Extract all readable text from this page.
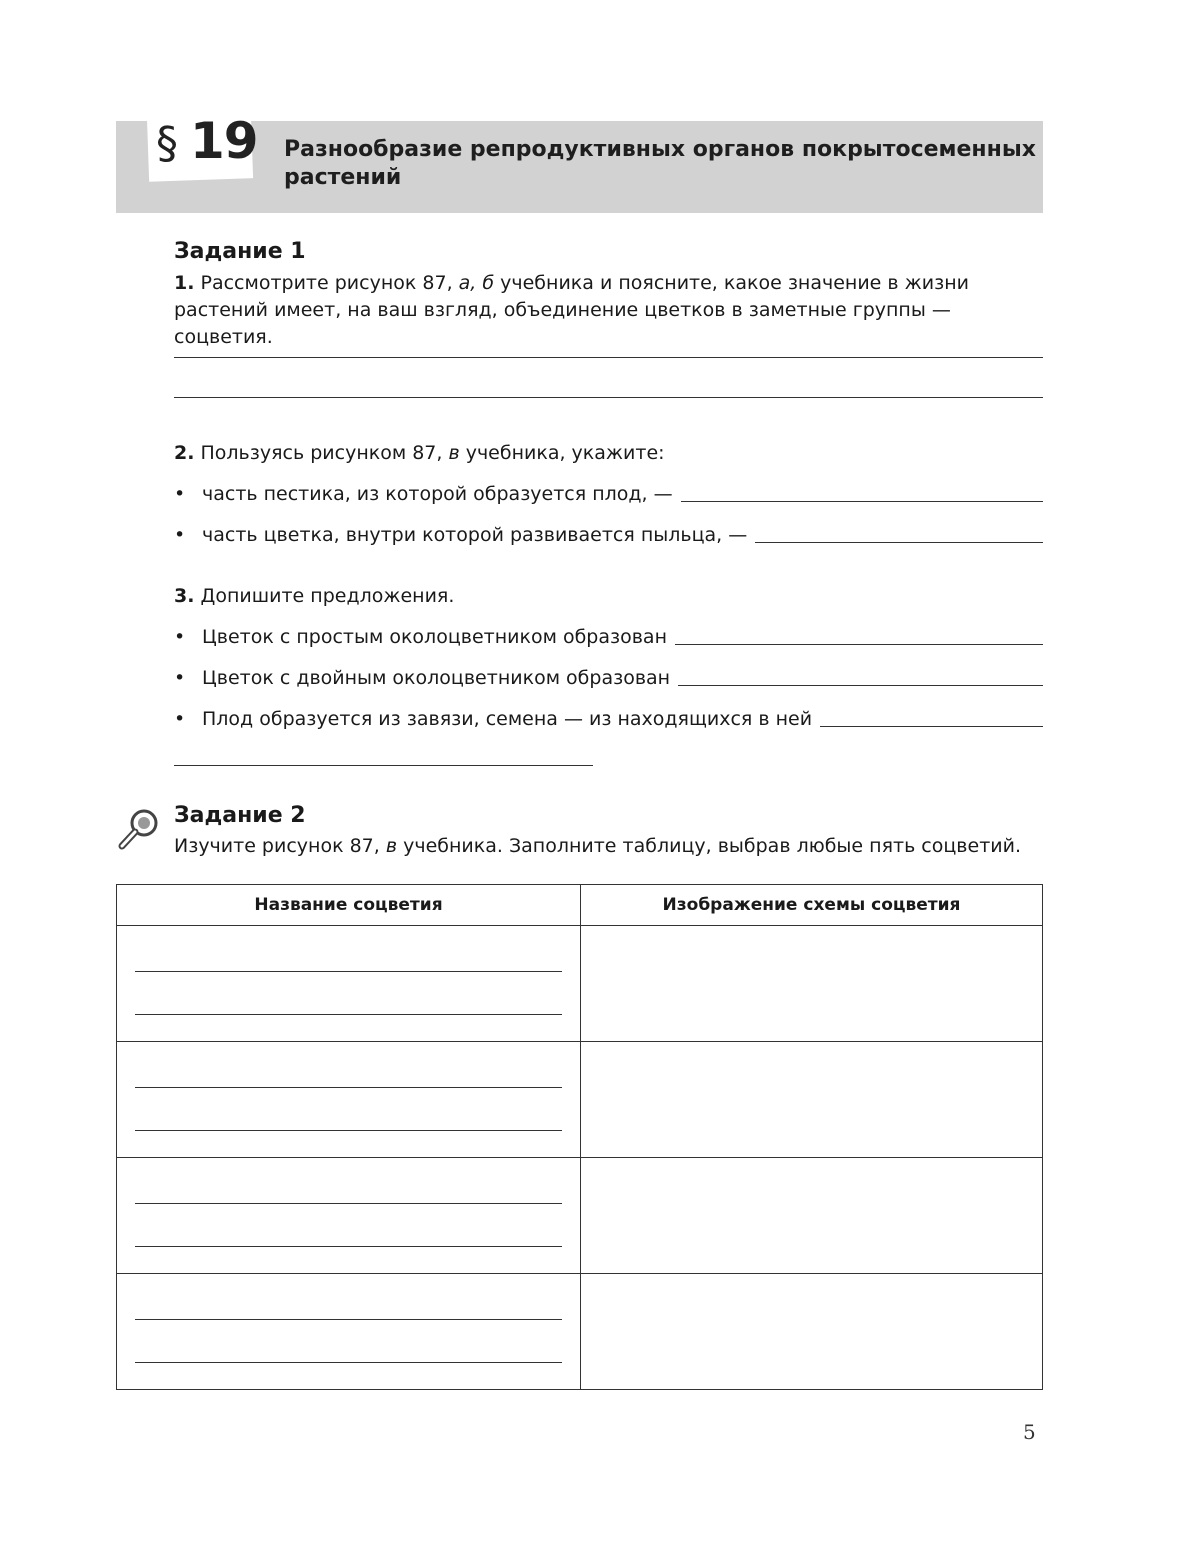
§ 19 Разнообразие репродуктивных органов покрытосеменных растений
Задание 1
1. Рассмотрите рисунок 87, а, б учебника и поясните, какое значение в жизни растений имеет, на ваш взгляд, объединение цветков в заметные группы — соцветия.
2. Пользуясь рисунком 87, в учебника, укажите:
• часть пестика, из которой образуется плод, —
• часть цветка, внутри которой развивается пыльца, —
3. Допишите предложения.
• Цветок с простым околоцветником образован
• Цветок с двойным околоцветником образован
• Плод образуется из завязи, семена — из находящихся в ней
Задание 2
Изучите рисунок 87, в учебника. Заполните таблицу, выбрав любые пять соцветий.
Название соцветия	Изображение схемы соцветия

5
